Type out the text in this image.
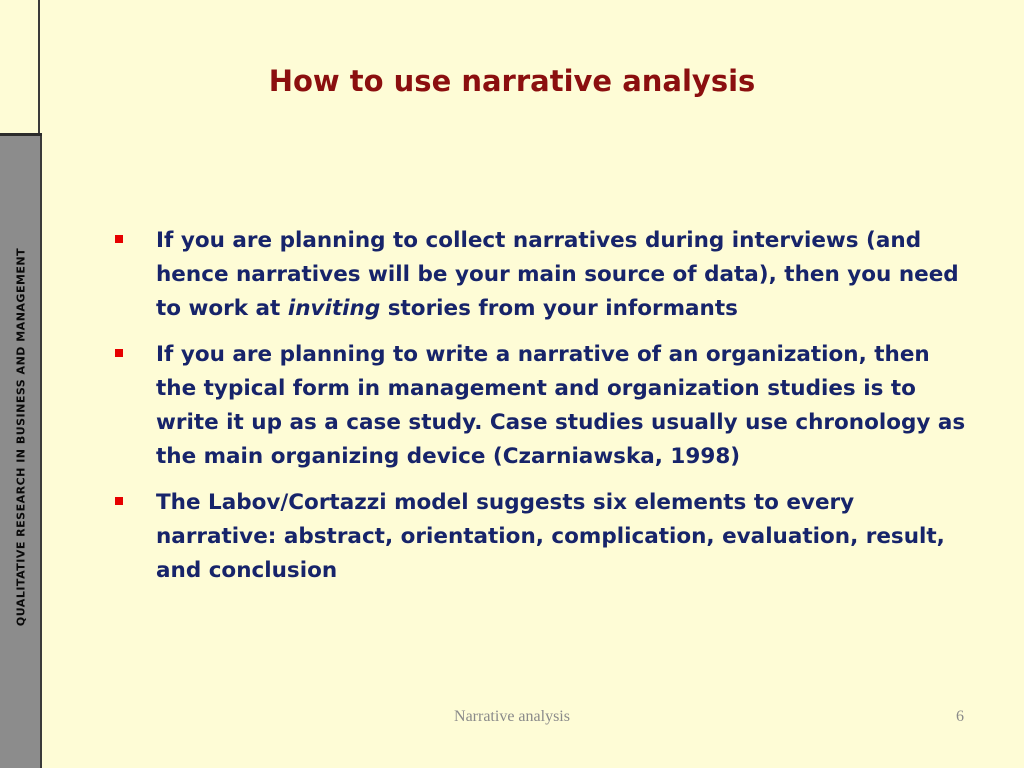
QUALITATIVE RESEARCH IN BUSINESS AND MANAGEMENT
How to use narrative analysis
If you are planning to collect narratives during interviews (and hence narratives will be your main source of data), then you need to work at inviting stories from your informants
If you are planning to write a narrative of an organization, then the typical form in management and organization studies is to write it up as a case study. Case studies usually use chronology as the main organizing device (Czarniawska, 1998)
The Labov/Cortazzi model suggests six elements to every narrative: abstract, orientation, complication, evaluation, result, and conclusion
Narrative analysis	6
